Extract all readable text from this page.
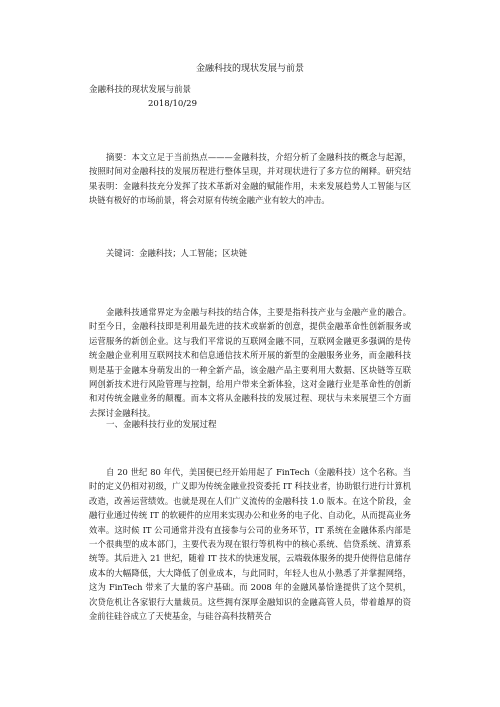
金融科技的现状发展与前景
金融科技的现状发展与前景
2018/10/29

摘要：本文立足于当前热点———金融科技，介绍分析了金融科技的概念与起源，按照时间对金融科技的发展历程进行整体呈现，并对现状进行了多方位的阐释。研究结果表明：金融科技充分发挥了技术革新对金融的赋能作用，未来发展趋势人工智能与区块链有极好的市场前景，将会对原有传统金融产业有较大的冲击。

关键词：金融科技；人工智能；区块链

金融科技通常界定为金融与科技的结合体，主要是指科技产业与金融产业的融合。时至今日，金融科技即是利用最先进的技术或崭新的创意，提供金融革命性创新服务或运营服务的新创企业。这与我们平常说的互联网金融不同，互联网金融更多强调的是传统金融企业利用互联网技术和信息通信技术所开展的新型的金融服务业务，而金融科技则是基于金融本身萌发出的一种全新产品，该金融产品主要利用大数据、区块链等互联网创新技术进行风险管理与控制，给用户带来全新体验，这对金融行业是革命性的创新和对传统金融业务的颠覆。而本文将从金融科技的发展过程、现状与未来展望三个方面去探讨金融科技。

一、金融科技行业的发展过程

自 20 世纪 80 年代，美国便已经开始用起了 FinTech（金融科技）这个名称。当时的定义仍相对初级，广义即为传统金融业投资委托 IT 科技业者，协助银行进行计算机改造，改善运营绩效。也就是现在人们广义流传的金融科技 1.0 版本。在这个阶段，金融行业通过传统 IT 的软硬件的应用来实现办公和业务的电子化、自动化，从而提高业务效率。这时候 IT 公司通常并没有直接参与公司的业务环节，IT 系统在金融体系内部是一个很典型的成本部门，主要代表为现在银行等机构中的核心系统、信贷系统、清算系统等。其后进入 21 世纪，随着 IT 技术的快速发展，云端载体服务的提升使得信息储存成本的大幅降低，大大降低了创业成本，与此同时，年轻人也从小熟悉了并掌握网络，这为 FinTech 带来了大量的客户基础。而 2008 年的金融风暴恰逢提供了这个契机，次贷危机让各家银行大量裁员。这些拥有深厚金融知识的金融高管人员，带着雄厚的资金前往硅谷成立了天使基金，与硅谷高科技精英合
